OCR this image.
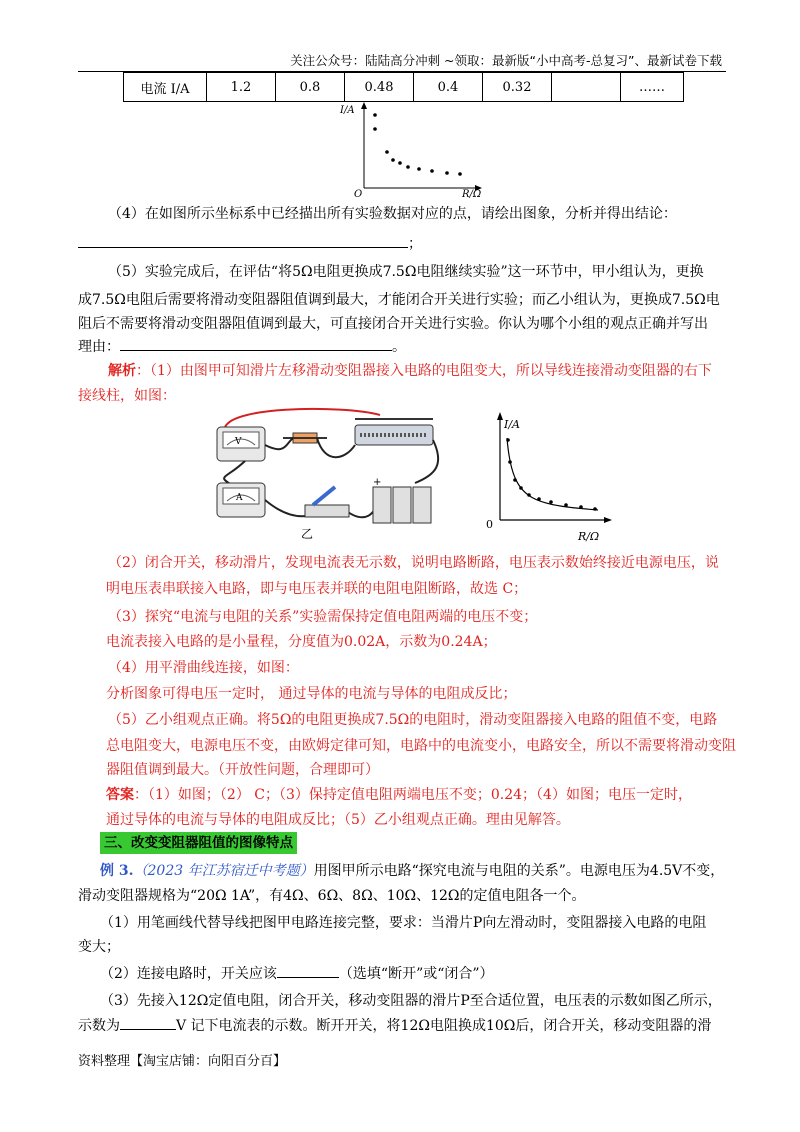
关注公众号：陆陆高分冲刺 ~领取：最新版“小中高考-总复习”、最新试卷下载
电流 I/A	1.2	0.8	0.48	0.4	0.32		……
I/A
O	R/Ω
（4）在如图所示坐标系中已经描出所有实验数据对应的点，请绘出图象，分析并得出结论：
；
（5）实验完成后，在评估“将5Ω电阻更换成7.5Ω电阻继续实验”这一环节中，甲小组认为，更换
成7.5Ω电阻后需要将滑动变阻器阻值调到最大，才能闭合开关进行实验；而乙小组认为，更换成7.5Ω电
阻后不需要将滑动变阻器阻值调到最大，可直接闭合开关进行实验。你认为哪个小组的观点正确并写出
理由：	。
解析：（1）由图甲可知滑片左移滑动变阻器接入电路的电阻变大，所以导线连接滑动变阻器的右下
接线柱，如图：
V
A
+
乙
I/A
0
R/Ω
（2）闭合开关，移动滑片，发现电流表无示数，说明电路断路，电压表示数始终接近电源电压，说
明电压表串联接入电路，即与电压表并联的电阻电阻断路，故选 C；
（3）探究“电流与电阻的关系”实验需保持定值电阻两端的电压不变；
电流表接入电路的是小量程，分度值为0.02A，示数为0.24A；
（4）用平滑曲线连接，如图：
分析图象可得电压一定时， 通过导体的电流与导体的电阻成反比；
（5）乙小组观点正确。将5Ω的电阻更换成7.5Ω的电阻时，滑动变阻器接入电路的阻值不变，电路
总电阻变大，电源电压不变，由欧姆定律可知，电路中的电流变小，电路安全，所以不需要将滑动变阻
器阻值调到最大。（开放性问题，合理即可）
答案：（1）如图；（2） C；（3）保持定值电阻两端电压不变；0.24；（4）如图；电压一定时，
通过导体的电流与导体的电阻成反比；（5）乙小组观点正确。理由见解答。
三、改变变阻器阻值的图像特点
例 3.（2023 年江苏宿迁中考题）用图甲所示电路“探究电流与电阻的关系”。电源电压为4.5V不变，
滑动变阻器规格为“20Ω 1A”，有4Ω、6Ω、8Ω、10Ω、12Ω的定值电阻各一个。
（1）用笔画线代替导线把图甲电路连接完整，要求：当滑片P向左滑动时，变阻器接入电路的电阻
变大；
（2）连接电路时，开关应该	（选填“断开”或“闭合”）
（3）先接入12Ω定值电阻，闭合开关，移动变阻器的滑片P至合适位置，电压表的示数如图乙所示，
示数为	V 记下电流表的示数。断开开关，将12Ω电阻换成10Ω后，闭合开关，移动变阻器的滑
资料整理【淘宝店铺：向阳百分百】
